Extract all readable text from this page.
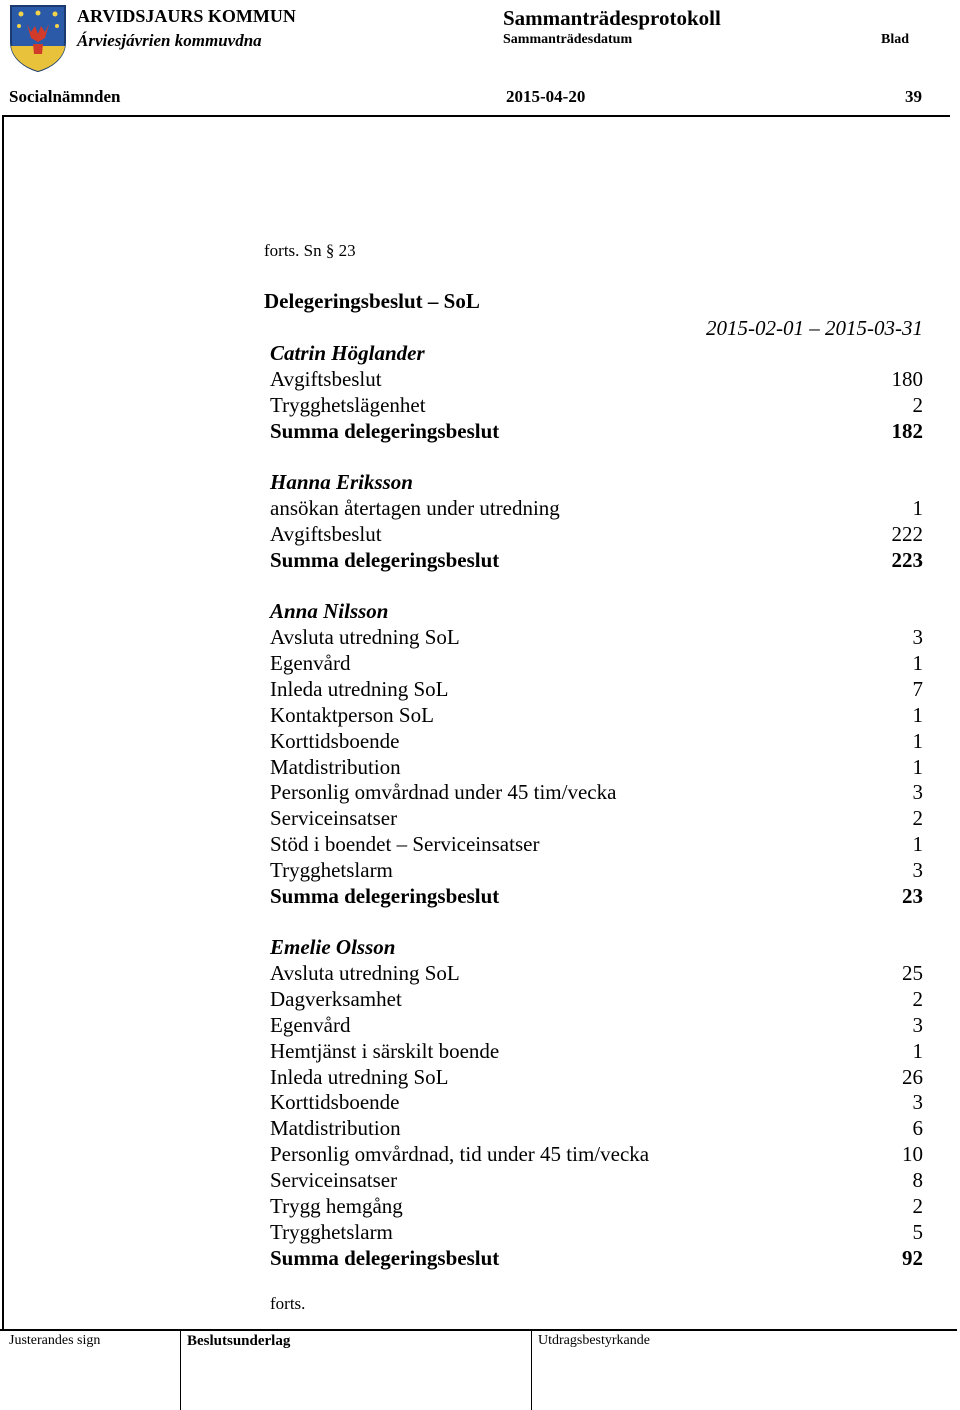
ARVIDSJAURS KOMMUN
Árviesjávrien kommuvdna
Sammanträdesprotokoll
Sammanträdesdatum	Blad
Socialnämnden	2015-04-20	39
forts. Sn § 23
Delegeringsbeslut – SoL
2015-02-01 – 2015-03-31
Catrin Höglander
Avgiftsbeslut	180
Trygghetslägenhet	2
Summa delegeringsbeslut	182
Hanna Eriksson
ansökan återtagen under utredning	1
Avgiftsbeslut	222
Summa delegeringsbeslut	223
Anna Nilsson
Avsluta utredning SoL	3
Egenvård	1
Inleda utredning SoL	7
Kontaktperson SoL	1
Korttidsboende	1
Matdistribution	1
Personlig omvårdnad under 45 tim/vecka	3
Serviceinsatser	2
Stöd i boendet – Serviceinsatser	1
Trygghetslarm	3
Summa delegeringsbeslut	23
Emelie Olsson
Avsluta utredning SoL	25
Dagverksamhet	2
Egenvård	3
Hemtjänst i särskilt boende	1
Inleda utredning SoL	26
Korttidsboende	3
Matdistribution	6
Personlig omvårdnad, tid under 45 tim/vecka	10
Serviceinsatser	8
Trygg hemgång	2
Trygghetslarm	5
Summa delegeringsbeslut	92
forts.
Justerandes sign	Beslutsunderlag	Utdragsbestyrkande
